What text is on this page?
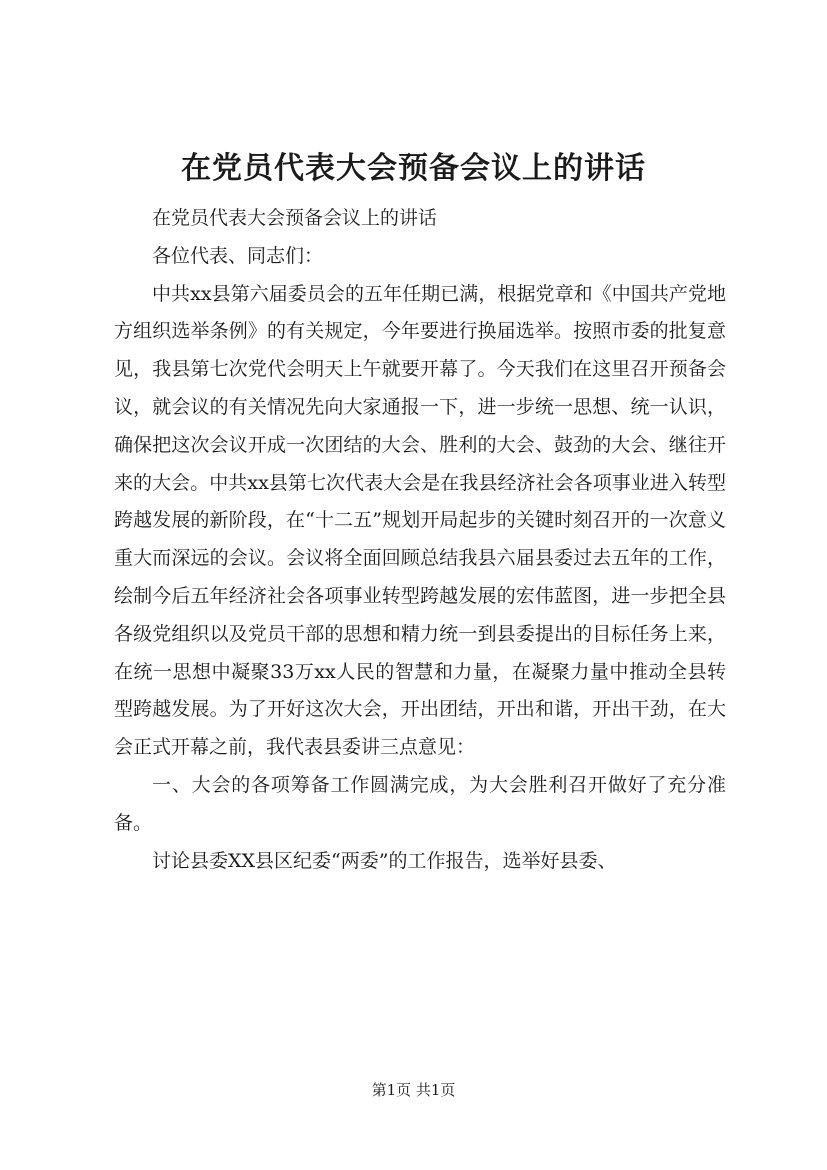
在党员代表大会预备会议上的讲话

在党员代表大会预备会议上的讲话

各位代表、同志们：

中共xx县第六届委员会的五年任期已满，根据党章和《中国共产党地方组织选举条例》的有关规定，今年要进行换届选举。按照市委的批复意见，我县第七次党代会明天上午就要开幕了。今天我们在这里召开预备会议，就会议的有关情况先向大家通报一下，进一步统一思想、统一认识，确保把这次会议开成一次团结的大会、胜利的大会、鼓劲的大会、继往开来的大会。中共xx县第七次代表大会是在我县经济社会各项事业进入转型跨越发展的新阶段，在“十二五”规划开局起步的关键时刻召开的一次意义重大而深远的会议。会议将全面回顾总结我县六届县委过去五年的工作，绘制今后五年经济社会各项事业转型跨越发展的宏伟蓝图，进一步把全县各级党组织以及党员干部的思想和精力统一到县委提出的目标任务上来，在统一思想中凝聚33万xx人民的智慧和力量，在凝聚力量中推动全县转型跨越发展。为了开好这次大会，开出团结，开出和谐，开出干劲，在大会正式开幕之前，我代表县委讲三点意见：

一、大会的各项筹备工作圆满完成，为大会胜利召开做好了充分准备。

讨论县委XX县区纪委“两委”的工作报告，选举好县委、

第1页 共1页
